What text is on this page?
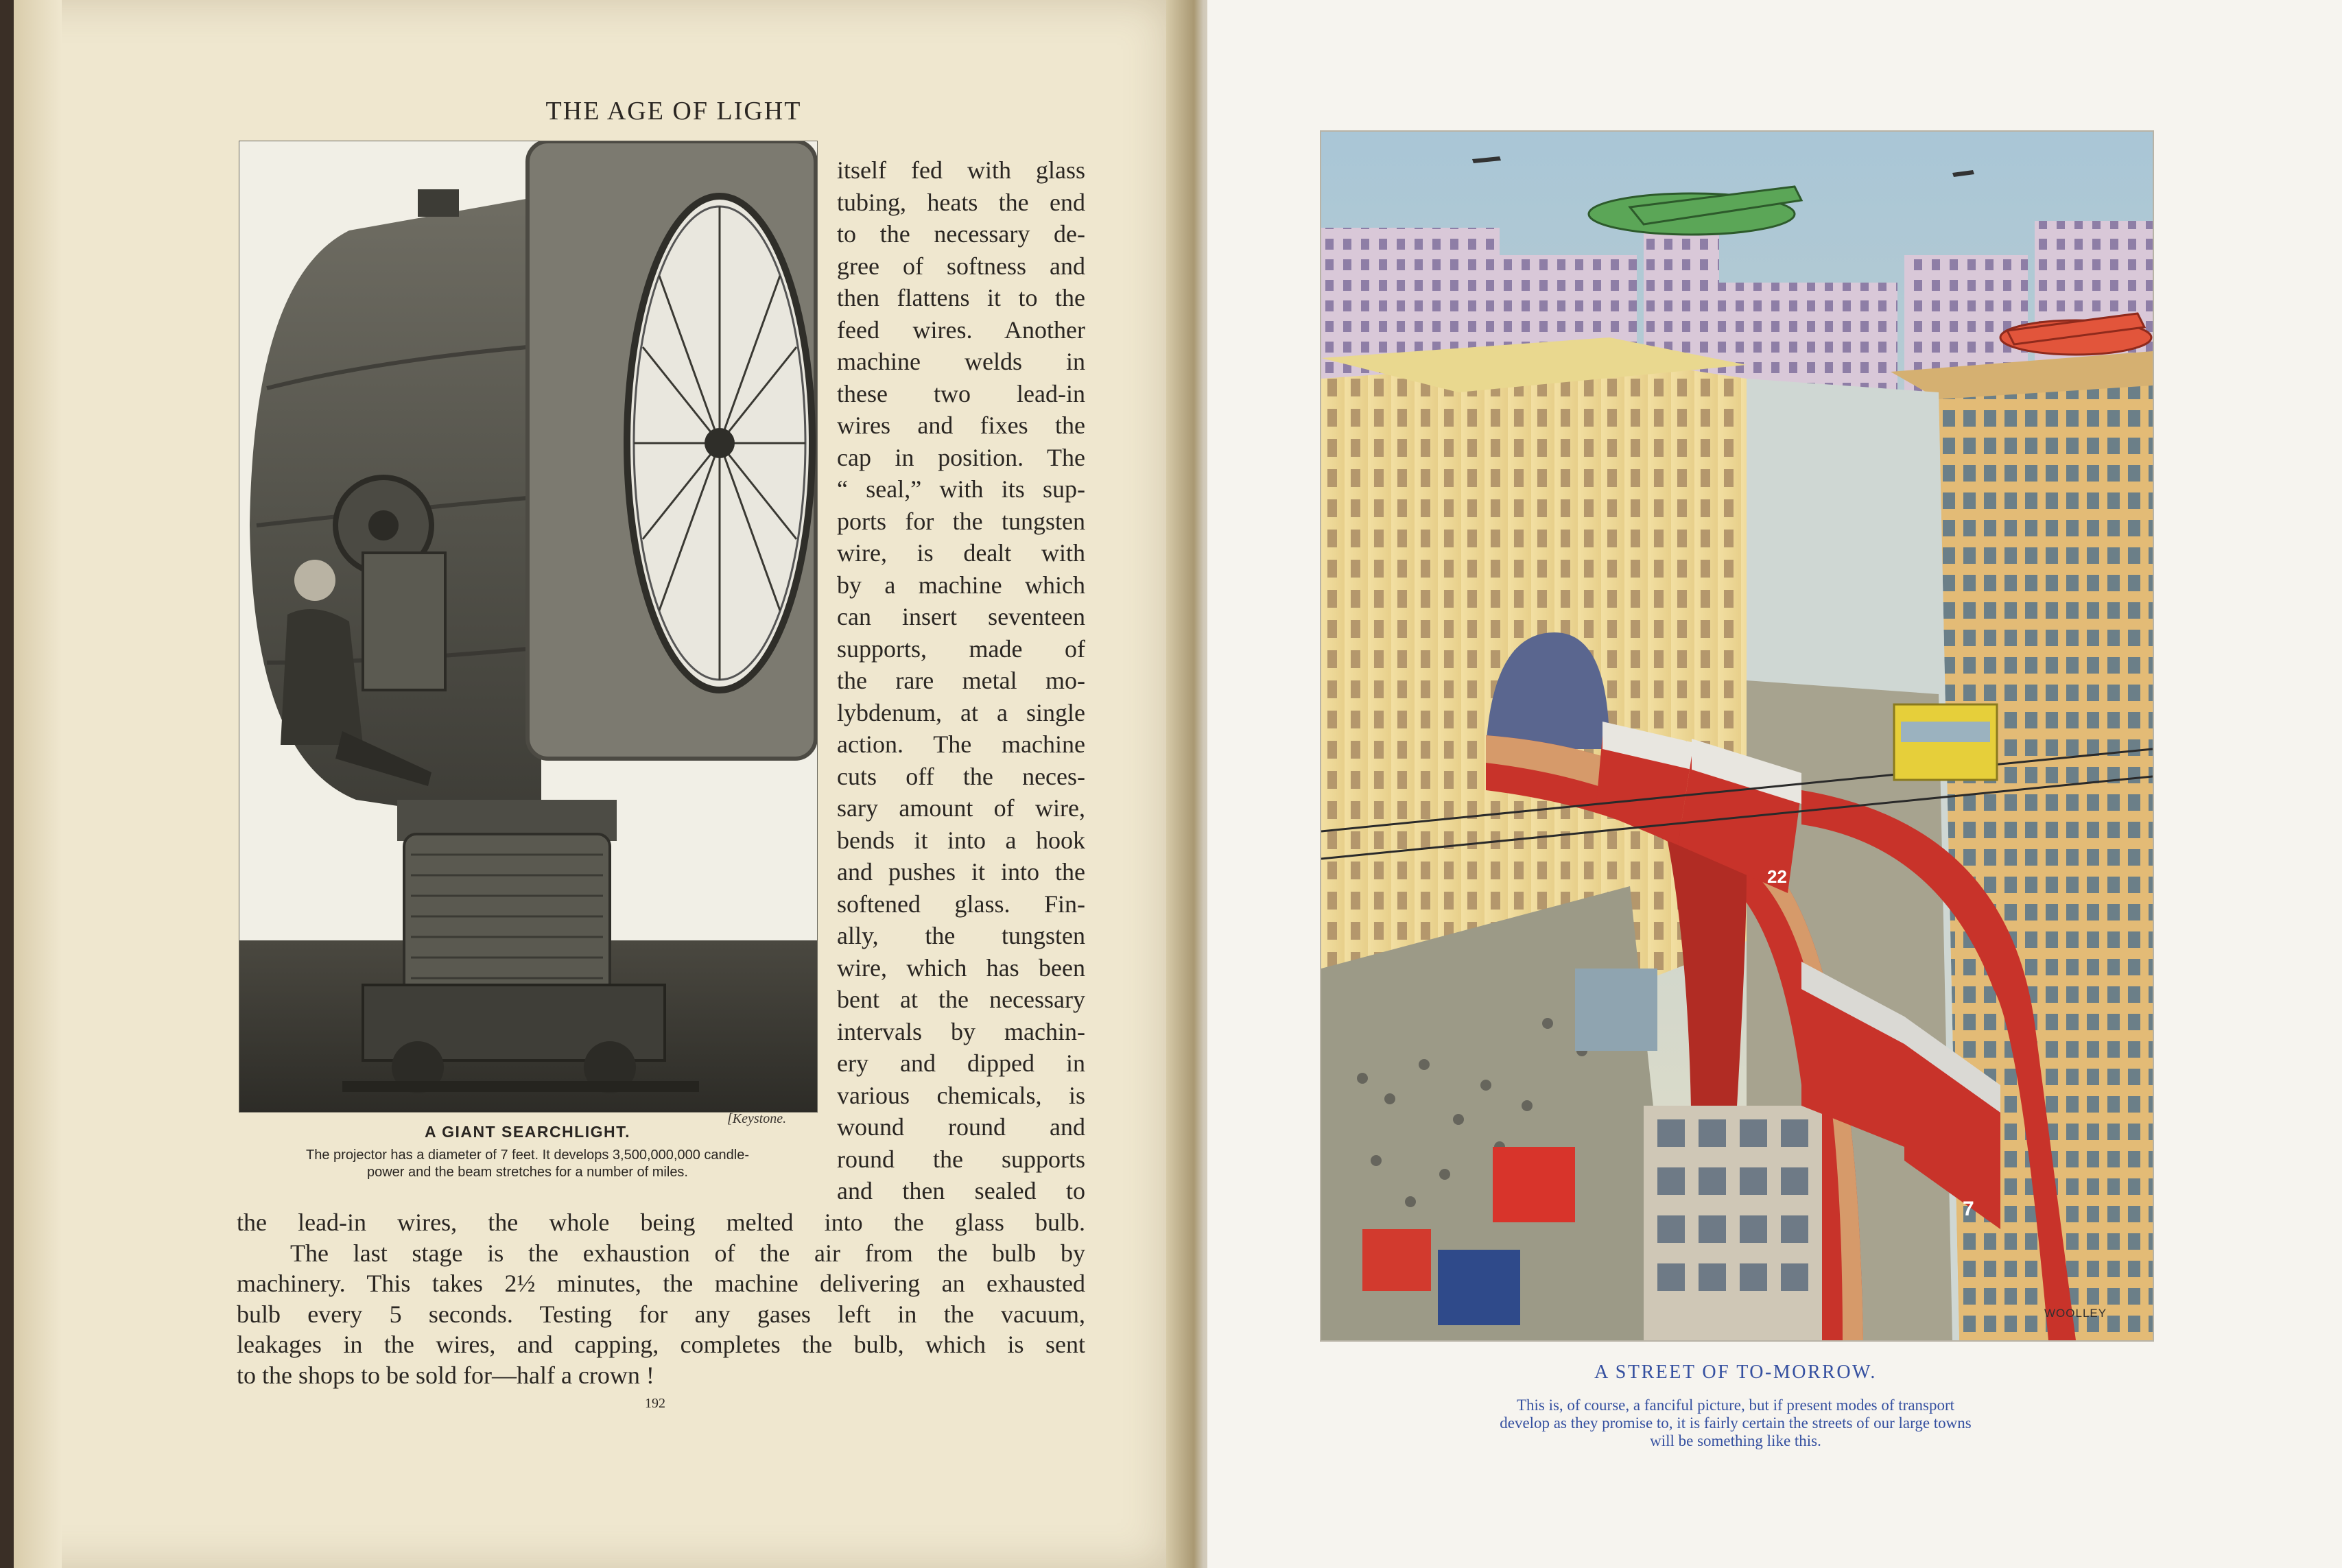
THE AGE OF LIGHT
[Keystone.
A GIANT SEARCHLIGHT.
The projector has a diameter of 7 feet. It develops 3,500,000,000 candle-
power and the beam stretches for a number of miles.
itself fed with glass
tubing, heats the end
to the necessary de-
gree of softness and
then flattens it to the
feed wires. Another
machine welds in
these two lead-in
wires and fixes the
cap in position. The
“ seal,” with its sup-
ports for the tungsten
wire, is dealt with
by a machine which
can insert seventeen
supports, made of
the rare metal mo-
lybdenum, at a single
action. The machine
cuts off the neces-
sary amount of wire,
bends it into a hook
and pushes it into the
softened glass. Fin-
ally, the tungsten
wire, which has been
bent at the necessary
intervals by machin-
ery and dipped in
various chemicals, is
wound round and
round the supports
and then sealed to
the lead-in wires, the whole being melted into the glass bulb.
The last stage is the exhaustion of the air from the bulb by
machinery. This takes 2½ minutes, the machine delivering an exhausted
bulb every 5 seconds. Testing for any gases left in the vacuum,
leakages in the wires, and capping, completes the bulb, which is sent
to the shops to be sold for—half a crown !
192
22
7
WOOLLEY
A STREET OF TO-MORROW.
This is, of course, a fanciful picture, but if present modes of transport
develop as they promise to, it is fairly certain the streets of our large towns
will be something like this.
